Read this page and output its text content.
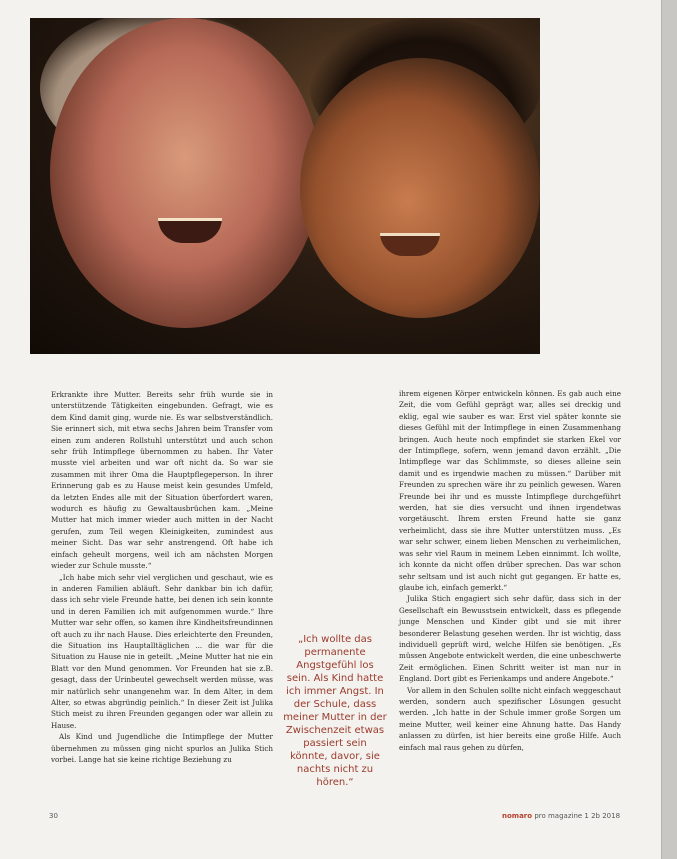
Erkrankte ihre Mutter. Bereits sehr früh wurde sie in unterstützende Tätigkeiten eingebunden. Gefragt, wie es dem Kind damit ging, wurde nie. Es war selbstverständlich. Sie erinnert sich, mit etwa sechs Jahren beim Transfer vom einen zum anderen Rollstuhl unterstützt und auch schon sehr früh Intimpflege übernommen zu haben. Ihr Vater musste viel arbeiten und war oft nicht da. So war sie zusammen mit ihrer Oma die Hauptpflegeperson. In ihrer Erinnerung gab es zu Hause meist kein gesundes Umfeld, da letzten Endes alle mit der Situation überfordert waren, wodurch es häufig zu Gewaltausbrüchen kam. „Meine Mutter hat mich immer wieder auch mitten in der Nacht gerufen, zum Teil wegen Kleinigkeiten, zumindest aus meiner Sicht. Das war sehr anstrengend. Oft habe ich einfach geheult morgens, weil ich am nächsten Morgen wieder zur Schule musste.“

„Ich habe mich sehr viel verglichen und geschaut, wie es in anderen Familien abläuft. Sehr dankbar bin ich dafür, dass ich sehr viele Freunde hatte, bei denen ich sein konnte und in deren Familien ich mit aufgenommen wurde.“ Ihre Mutter war sehr offen, so kamen ihre Kindheitsfreundinnen oft auch zu ihr nach Hause. Dies erleichterte den Freunden, die Situation ins Hauptalltäglichen ... die war für die Situation zu Hause nie in geteilt. „Meine Mutter hat nie ein Blatt vor den Mund genommen. Vor Freunden hat sie z.B. gesagt, dass der Urinbeutel gewechselt werden müsse, was mir natürlich sehr unangenehm war. In dem Alter, in dem Alter, so etwas abgründig peinlich.“ In dieser Zeit ist Julika Stich meist zu ihren Freunden gegangen oder war allein zu Hause.

Als Kind und Jugendliche die Intimpflege der Mutter übernehmen zu müssen ging nicht spurlos an Julika Stich vorbei. Lange hat sie keine richtige Beziehung zu

„Ich wollte das permanente Angstgefühl los sein. Als Kind hatte ich immer Angst. In der Schule, dass meiner Mutter in der Zwischenzeit etwas passiert sein könnte, davor, sie nachts nicht zu hören.“

ihrem eigenen Körper entwickeln können. Es gab auch eine Zeit, die vom Gefühl geprägt war, alles sei dreckig und eklig, egal wie sauber es war. Erst viel später konnte sie dieses Gefühl mit der Intimpflege in einen Zusammenhang bringen. Auch heute noch empfindet sie starken Ekel vor der Intimpflege, sofern, wenn jemand davon erzählt. „Die Intimpflege war das Schlimmste, so dieses alleine sein damit und es irgendwie machen zu müssen.“ Darüber mit Freunden zu sprechen wäre ihr zu peinlich gewesen. Waren Freunde bei ihr und es musste Intimpflege durchgeführt werden, hat sie dies versucht und ihnen irgendetwas vorgetäuscht. Ihrem ersten Freund hatte sie ganz verheimlicht, dass sie ihre Mutter unterstützen muss. „Es war sehr schwer, einem lieben Menschen zu verheimlichen, was sehr viel Raum in meinem Leben einnimmt. Ich wollte, ich konnte da nicht offen drüber sprechen. Das war schon sehr seltsam und ist auch nicht gut gegangen. Er hatte es, glaube ich, einfach gemerkt.“

Julika Stich engagiert sich sehr dafür, dass sich in der Gesellschaft ein Bewusstsein entwickelt, dass es pflegende junge Menschen und Kinder gibt und sie mit ihrer besonderer Belastung gesehen werden. Ihr ist wichtig, dass individuell geprüft wird, welche Hilfen sie benötigen. „Es müssen Angebote entwickelt werden, die eine unbeschwerte Zeit ermöglichen. Einen Schritt weiter ist man nur in England. Dort gibt es Ferienkamps und andere Angebote.“

Vor allem in den Schulen sollte nicht einfach weggeschaut werden, sondern auch spezifischer Lösungen gesucht werden. „Ich hatte in der Schule immer große Sorgen um meine Mutter, weil keiner eine Ahnung hatte. Das Handy anlassen zu dürfen, ist hier bereits eine große Hilfe. Auch einfach mal raus gehen zu dürfen,

30	nomaro pro magazine 1 2b 2018
